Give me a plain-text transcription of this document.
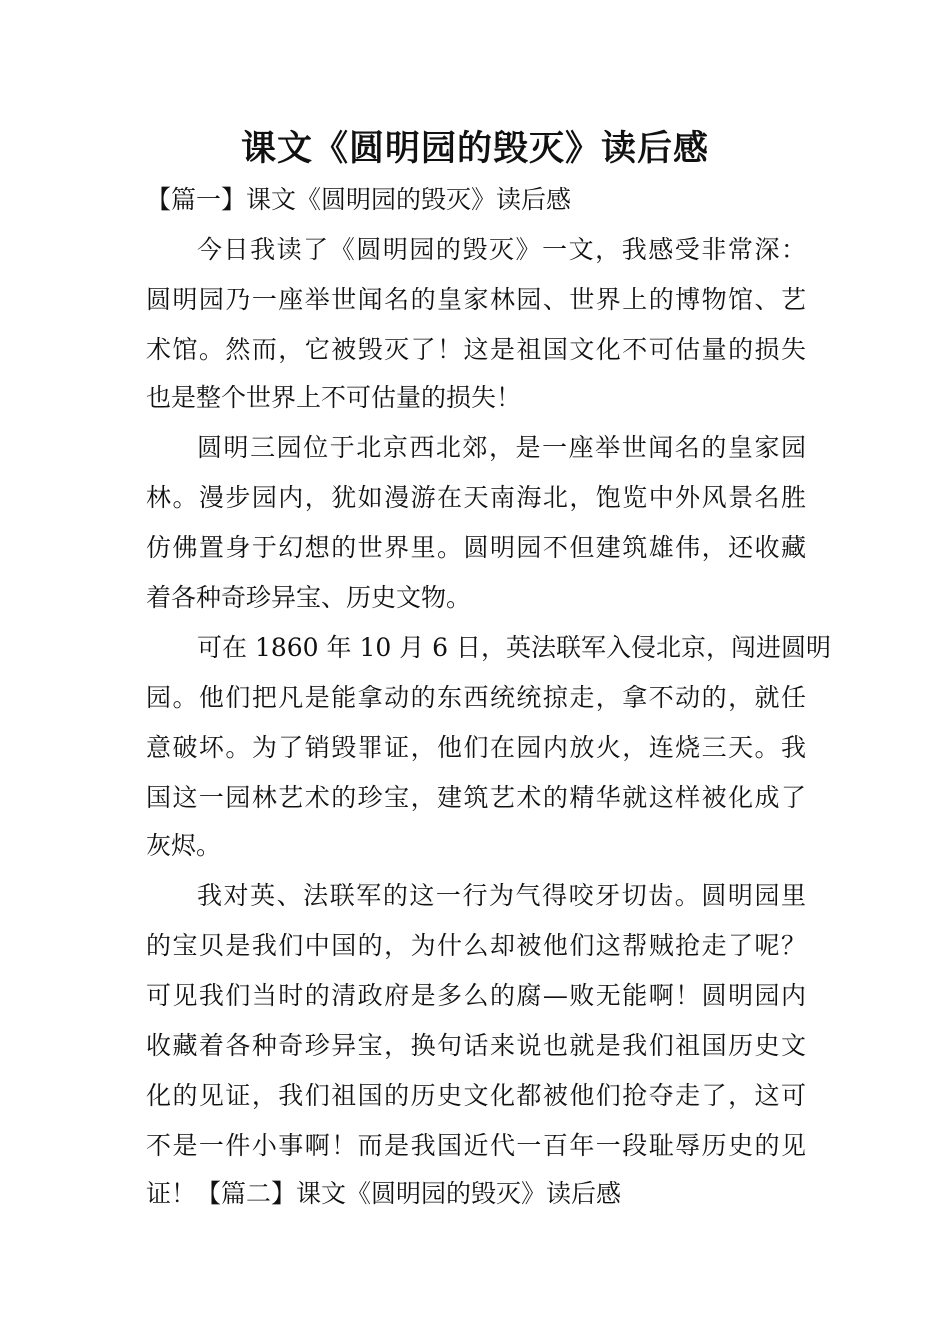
课文《圆明园的毁灭》读后感

【篇一】课文《圆明园的毁灭》读后感

今日我读了《圆明园的毁灭》一文，我感受非常深：

圆明园乃一座举世闻名的皇家林园、世界上的博物馆、艺

术馆。然而，它被毁灭了！这是祖国文化不可估量的损失

也是整个世界上不可估量的损失！

圆明三园位于北京西北郊，是一座举世闻名的皇家园

林。漫步园内，犹如漫游在天南海北，饱览中外风景名胜

仿佛置身于幻想的世界里。圆明园不但建筑雄伟，还收藏

着各种奇珍异宝、历史文物。

可在 1860 年 10 月 6 日，英法联军入侵北京，闯进圆明

园。他们把凡是能拿动的东西统统掠走，拿不动的，就任

意破坏。为了销毁罪证，他们在园内放火，连烧三天。我

国这一园林艺术的珍宝，建筑艺术的精华就这样被化成了

灰烬。

我对英、法联军的这一行为气得咬牙切齿。圆明园里

的宝贝是我们中国的，为什么却被他们这帮贼抢走了呢？

可见我们当时的清政府是多么的腐—败无能啊！圆明园内

收藏着各种奇珍异宝，换句话来说也就是我们祖国历史文

化的见证，我们祖国的历史文化都被他们抢夺走了，这可

不是一件小事啊！而是我国近代一百年一段耻辱历史的见

证！【篇二】课文《圆明园的毁灭》读后感
